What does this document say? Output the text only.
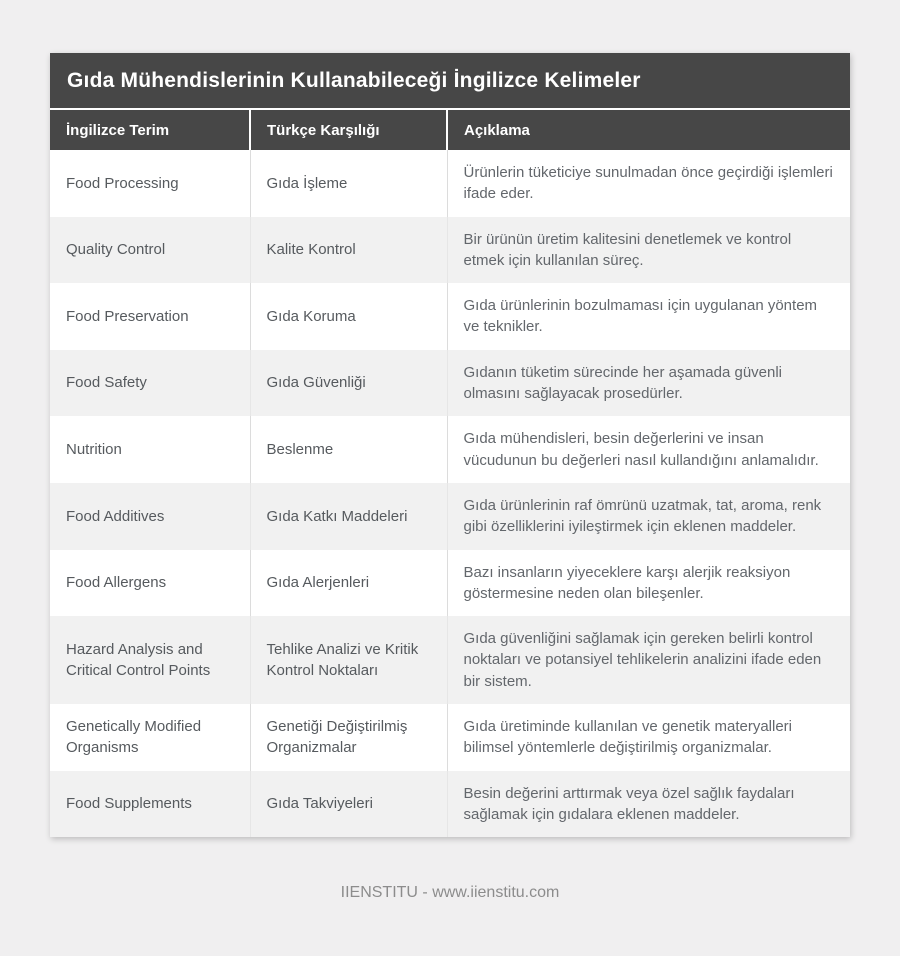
Gıda Mühendislerinin Kullanabileceği İngilizce Kelimeler
İngilizce Terim	Türkçe Karşılığı	Açıklama
Food Processing	Gıda İşleme	Ürünlerin tüketiciye sunulmadan önce geçirdiği işlemleri ifade eder.
Quality Control	Kalite Kontrol	Bir ürünün üretim kalitesini denetlemek ve kontrol etmek için kullanılan süreç.
Food Preservation	Gıda Koruma	Gıda ürünlerinin bozulmaması için uygulanan yöntem ve teknikler.
Food Safety	Gıda Güvenliği	Gıdanın tüketim sürecinde her aşamada güvenli olmasını sağlayacak prosedürler.
Nutrition	Beslenme	Gıda mühendisleri, besin değerlerini ve insan vücudunun bu değerleri nasıl kullandığını anlamalıdır.
Food Additives	Gıda Katkı Maddeleri	Gıda ürünlerinin raf ömrünü uzatmak, tat, aroma, renk gibi özelliklerini iyileştirmek için eklenen maddeler.
Food Allergens	Gıda Alerjenleri	Bazı insanların yiyeceklere karşı alerjik reaksiyon göstermesine neden olan bileşenler.
Hazard Analysis and Critical Control Points	Tehlike Analizi ve Kritik Kontrol Noktaları	Gıda güvenliğini sağlamak için gereken belirli kontrol noktaları ve potansiyel tehlikelerin analizini ifade eden bir sistem.
Genetically Modified Organisms	Genetiği Değiştirilmiş Organizmalar	Gıda üretiminde kullanılan ve genetik materyalleri bilimsel yöntemlerle değiştirilmiş organizmalar.
Food Supplements	Gıda Takviyeleri	Besin değerini arttırmak veya özel sağlık faydaları sağlamak için gıdalara eklenen maddeler.
IIENSTITU - www.iienstitu.com
